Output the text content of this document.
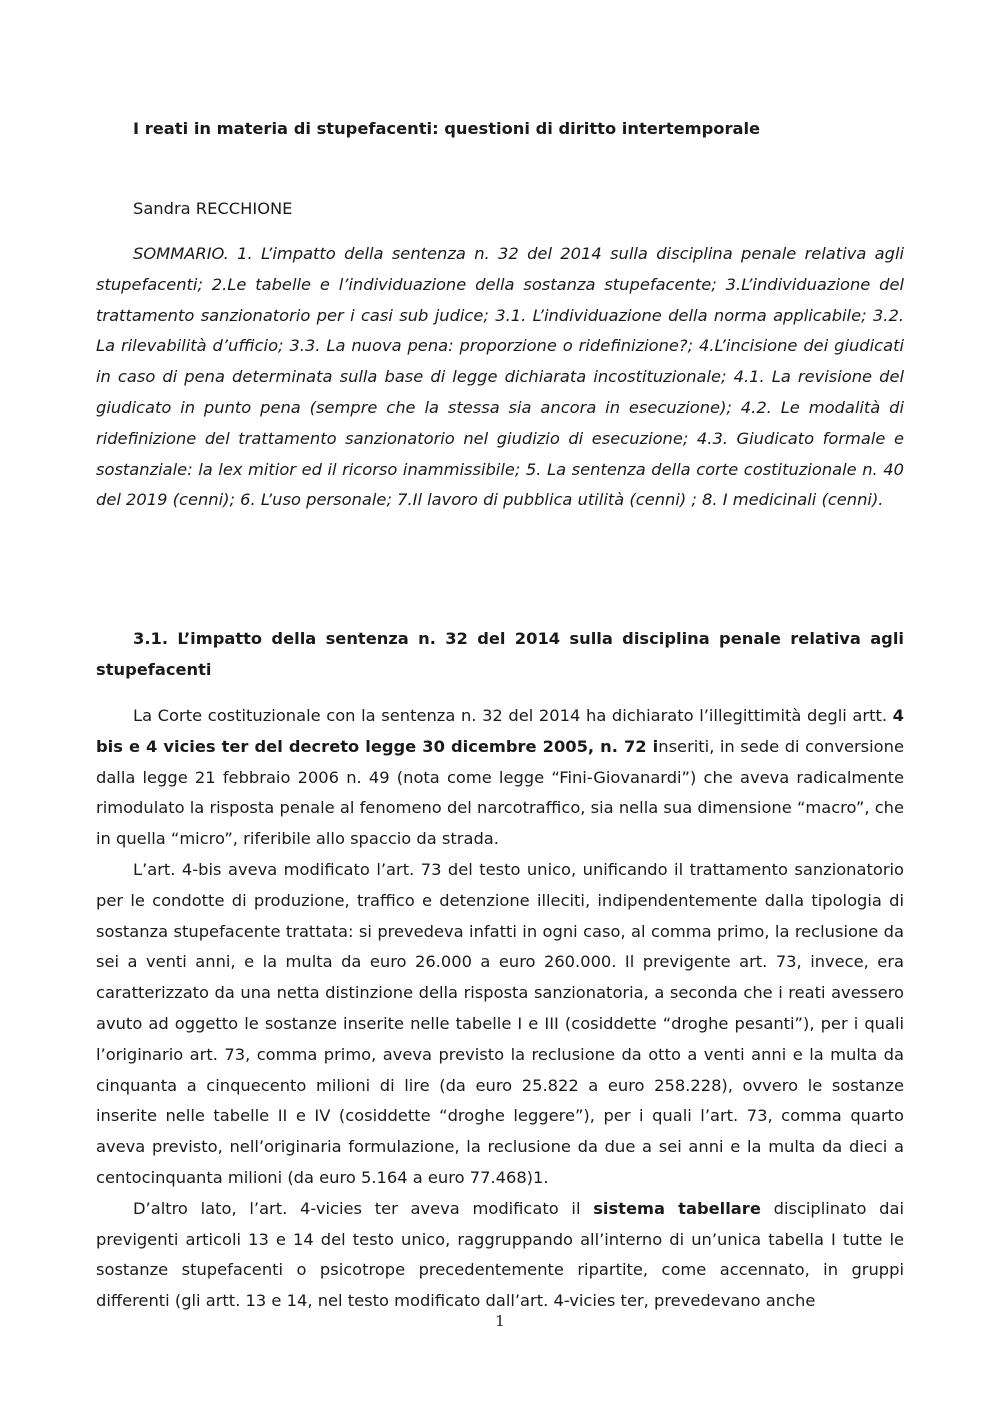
I reati in materia di stupefacenti: questioni di diritto intertemporale

Sandra RECCHIONE

SOMMARIO. 1. L’impatto della sentenza n. 32 del 2014 sulla disciplina penale relativa agli stupefacenti; 2.Le tabelle e l’individuazione della sostanza stupefacente; 3.L’individuazione del trattamento sanzionatorio per i casi sub judice; 3.1. L’individuazione della norma applicabile; 3.2. La rilevabilità d’ufficio; 3.3. La nuova pena: proporzione o ridefinizione?; 4.L’incisione dei giudicati in caso di pena determinata sulla base di legge dichiarata incostituzionale; 4.1. La revisione del giudicato in punto pena (sempre che la stessa sia ancora in esecuzione); 4.2. Le modalità di ridefinizione del trattamento sanzionatorio nel giudizio di esecuzione; 4.3. Giudicato formale e sostanziale: la lex mitior ed il ricorso inammissibile; 5. La sentenza della corte costituzionale n. 40 del 2019 (cenni); 6. L’uso personale; 7.Il lavoro di pubblica utilità (cenni) ; 8. I medicinali (cenni).

3.1. L’impatto della sentenza n. 32 del 2014 sulla disciplina penale relativa agli stupefacenti

La Corte costituzionale con la sentenza n. 32 del 2014 ha dichiarato l’illegittimità degli artt. 4 bis e 4 vicies ter del decreto legge 30 dicembre 2005, n. 72 inseriti, in sede di conversione dalla legge 21 febbraio 2006 n. 49 (nota come legge “Fini-Giovanardi”) che aveva radicalmente rimodulato la risposta penale al fenomeno del narcotraffico, sia nella sua dimensione “macro”, che in quella “micro”, riferibile allo spaccio da strada.

L’art. 4-bis aveva modificato l’art. 73 del testo unico, unificando il trattamento sanzionatorio per le condotte di produzione, traffico e detenzione illeciti, indipendentemente dalla tipologia di sostanza stupefacente trattata: si prevedeva infatti in ogni caso, al comma primo, la reclusione da sei a venti anni, e la multa da euro 26.000 a euro 260.000. Il previgente art. 73, invece, era caratterizzato da una netta distinzione della risposta sanzionatoria, a seconda che i reati avessero avuto ad oggetto le sostanze inserite nelle tabelle I e III (cosiddette “droghe pesanti”), per i quali l’originario art. 73, comma primo, aveva previsto la reclusione da otto a venti anni e la multa da cinquanta a cinquecento milioni di lire (da euro 25.822 a euro 258.228), ovvero le sostanze inserite nelle tabelle II e IV (cosiddette “droghe leggere”), per i quali l’art. 73, comma quarto aveva previsto, nell’originaria formulazione, la reclusione da due a sei anni e la multa da dieci a centocinquanta milioni (da euro 5.164 a euro 77.468)1.

D’altro lato, l’art. 4-vicies ter aveva modificato il sistema tabellare disciplinato dai previgenti articoli 13 e 14 del testo unico, raggruppando all’interno di un’unica tabella I tutte le sostanze stupefacenti o psicotrope precedentemente ripartite, come accennato, in gruppi differenti (gli artt. 13 e 14, nel testo modificato dall’art. 4-vicies ter, prevedevano anche

1
